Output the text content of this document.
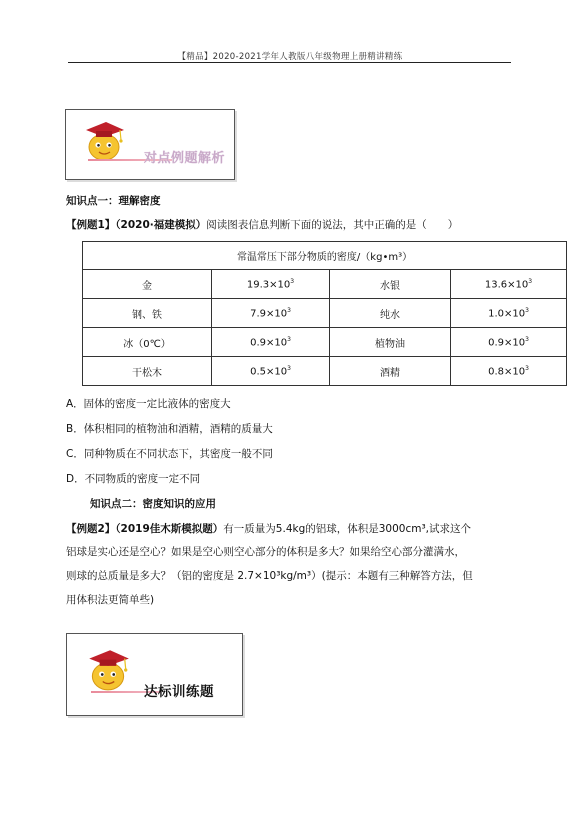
【精品】2020-2021学年人教版八年级物理上册精讲精练
对点例题解析
知识点一：理解密度
【例题1】（2020·福建模拟）阅读图表信息判断下面的说法，其中正确的是（　　）
常温常压下部分物质的密度/（kg•m³）			
金	$19.3\times 10^3$	水银	$13.6\times 10^3$
钢、铁	$7.9\times 10^3$	纯水	$1.0\times 10^3$
冰（0℃）	$0.9\times 10^3$	植物油	$0.9\times 10^3$
干松木	$0.5\times 10^3$	酒精	$0.8\times 10^3$
A．固体的密度一定比液体的密度大
B．体积相同的植物油和酒精，酒精的质量大
C．同种物质在不同状态下，其密度一般不同
D．不同物质的密度一定不同
知识点二：密度知识的应用
【例题2】（2019佳木斯模拟题）有一质量为5.4kg的铝球，体积是3000cm³,试求这个
铝球是实心还是空心？如果是空心则空心部分的体积是多大？如果给空心部分灌满水，
则球的总质量是多大？（铝的密度是 2.7×10³kg/m³）(提示：本题有三种解答方法，但
用体积法更简单些)
达标训练题
